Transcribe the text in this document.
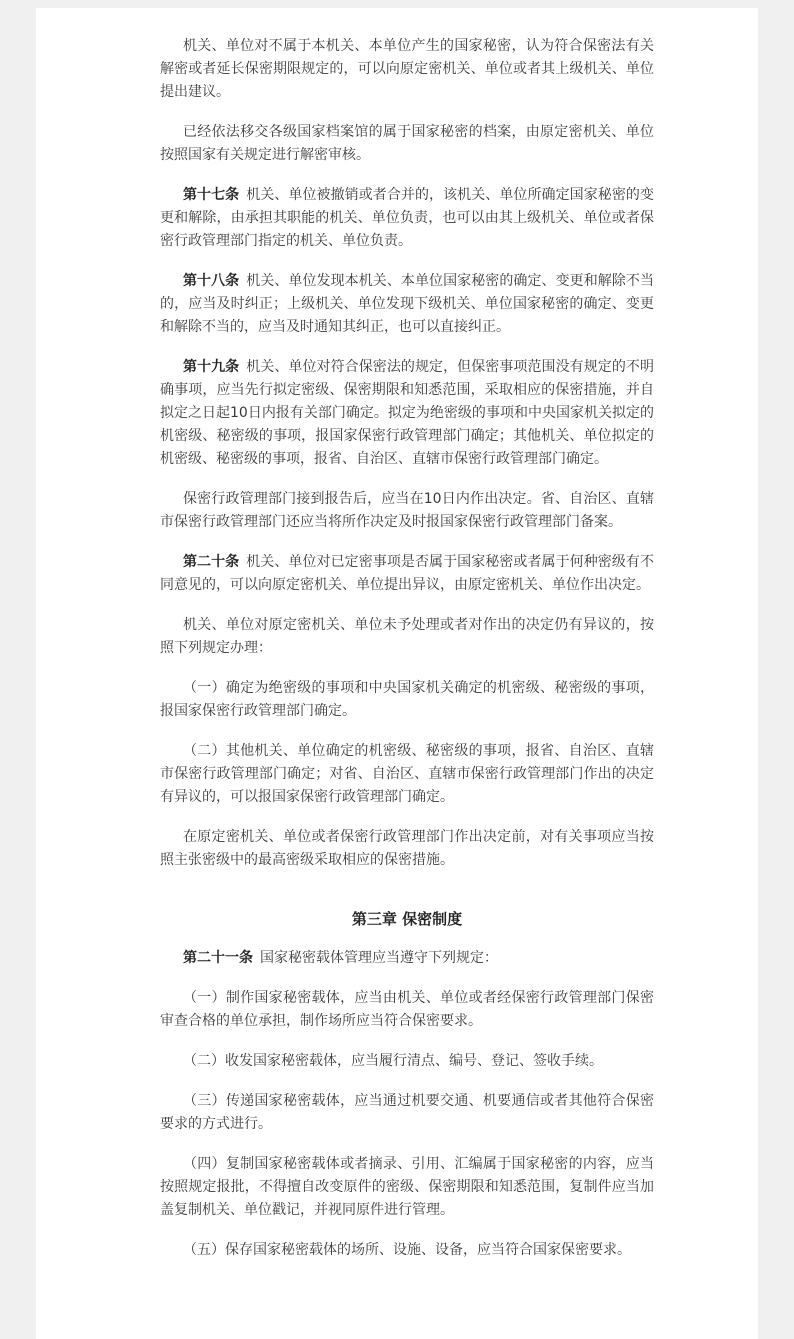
机关、单位对不属于本机关、本单位产生的国家秘密，认为符合保密法有关解密或者延长保密期限规定的，可以向原定密机关、单位或者其上级机关、单位提出建议。

已经依法移交各级国家档案馆的属于国家秘密的档案，由原定密机关、单位按照国家有关规定进行解密审核。

第十七条 机关、单位被撤销或者合并的，该机关、单位所确定国家秘密的变更和解除，由承担其职能的机关、单位负责，也可以由其上级机关、单位或者保密行政管理部门指定的机关、单位负责。

第十八条 机关、单位发现本机关、本单位国家秘密的确定、变更和解除不当的，应当及时纠正；上级机关、单位发现下级机关、单位国家秘密的确定、变更和解除不当的，应当及时通知其纠正，也可以直接纠正。

第十九条 机关、单位对符合保密法的规定，但保密事项范围没有规定的不明确事项，应当先行拟定密级、保密期限和知悉范围，采取相应的保密措施，并自拟定之日起10日内报有关部门确定。拟定为绝密级的事项和中央国家机关拟定的机密级、秘密级的事项，报国家保密行政管理部门确定；其他机关、单位拟定的机密级、秘密级的事项，报省、自治区、直辖市保密行政管理部门确定。

保密行政管理部门接到报告后，应当在10日内作出决定。省、自治区、直辖市保密行政管理部门还应当将所作决定及时报国家保密行政管理部门备案。

第二十条 机关、单位对已定密事项是否属于国家秘密或者属于何种密级有不同意见的，可以向原定密机关、单位提出异议，由原定密机关、单位作出决定。

机关、单位对原定密机关、单位未予处理或者对作出的决定仍有异议的，按照下列规定办理：

（一）确定为绝密级的事项和中央国家机关确定的机密级、秘密级的事项，报国家保密行政管理部门确定。

（二）其他机关、单位确定的机密级、秘密级的事项，报省、自治区、直辖市保密行政管理部门确定；对省、自治区、直辖市保密行政管理部门作出的决定有异议的，可以报国家保密行政管理部门确定。

在原定密机关、单位或者保密行政管理部门作出决定前，对有关事项应当按照主张密级中的最高密级采取相应的保密措施。

第三章 保密制度

第二十一条 国家秘密载体管理应当遵守下列规定：

（一）制作国家秘密载体，应当由机关、单位或者经保密行政管理部门保密审查合格的单位承担，制作场所应当符合保密要求。

（二）收发国家秘密载体，应当履行清点、编号、登记、签收手续。

（三）传递国家秘密载体，应当通过机要交通、机要通信或者其他符合保密要求的方式进行。

（四）复制国家秘密载体或者摘录、引用、汇编属于国家秘密的内容，应当按照规定报批，不得擅自改变原件的密级、保密期限和知悉范围，复制件应当加盖复制机关、单位戳记，并视同原件进行管理。

（五）保存国家秘密载体的场所、设施、设备，应当符合国家保密要求。
